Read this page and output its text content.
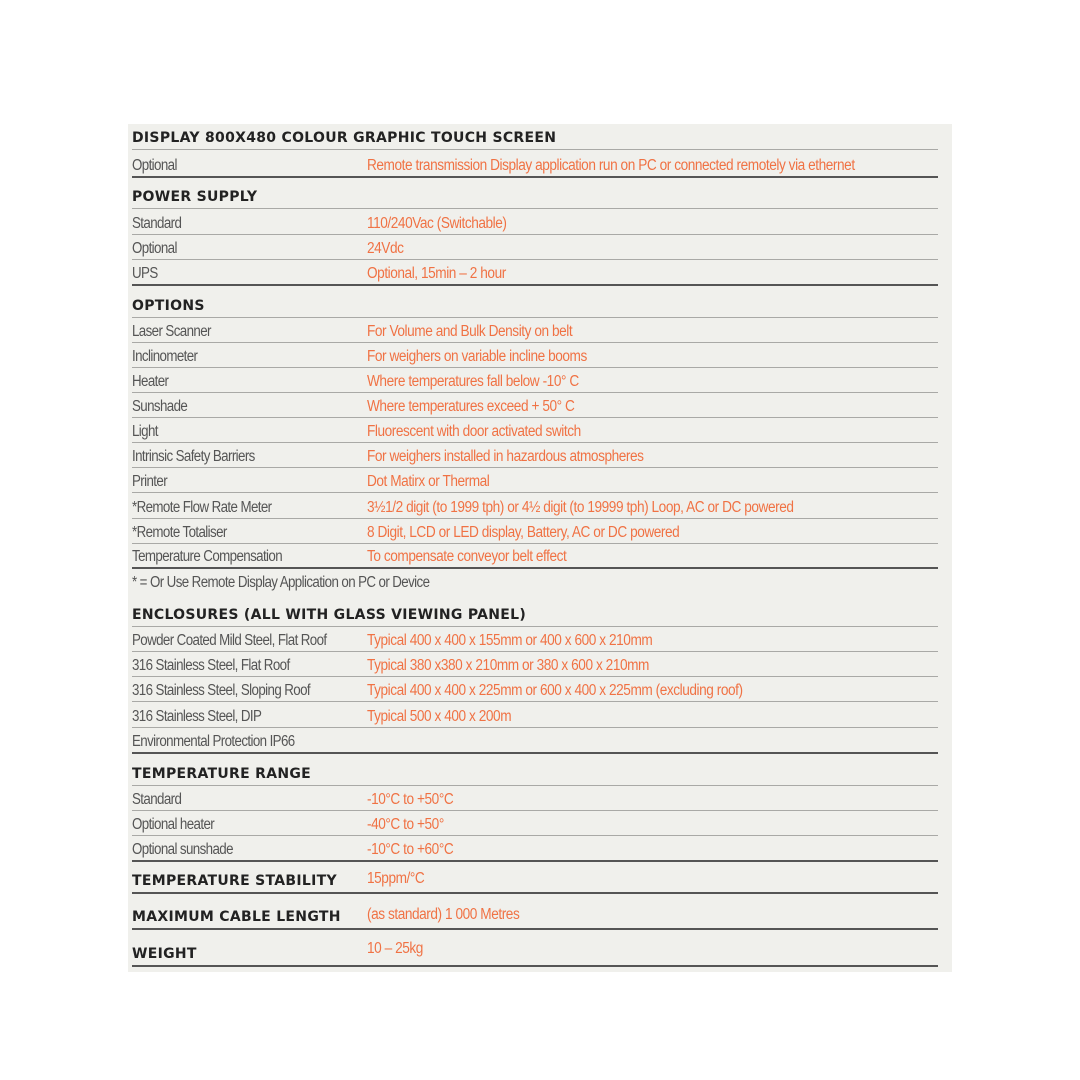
DISPLAY 800X480 COLOUR GRAPHIC TOUCH SCREEN
Optional	Remote transmission Display application run on PC or connected remotely via ethernet
POWER SUPPLY
Standard	110/240Vac (Switchable)
Optional	24Vdc
UPS	Optional, 15min – 2 hour
OPTIONS
Laser Scanner	For Volume and Bulk Density on belt
Inclinometer	For weighers on variable incline booms
Heater	Where temperatures fall below -10° C
Sunshade	Where temperatures exceed + 50° C
Light	Fluorescent with door activated switch
Intrinsic Safety Barriers	For weighers installed in hazardous atmospheres
Printer	Dot Matirx or Thermal
*Remote Flow Rate Meter	3½1/2 digit (to 1999 tph) or 4½ digit (to 19999 tph) Loop, AC or DC powered
*Remote Totaliser	8 Digit, LCD or LED display, Battery, AC or DC powered
Temperature Compensation	To compensate conveyor belt effect
* = Or Use Remote Display Application on PC or Device
ENCLOSURES (ALL WITH GLASS VIEWING PANEL)
Powder Coated Mild Steel, Flat Roof	Typical 400 x 400 x 155mm or 400 x 600 x 210mm
316 Stainless Steel, Flat Roof	Typical 380 x380 x 210mm or 380 x 600 x 210mm
316 Stainless Steel, Sloping Roof	Typical 400 x 400 x 225mm or 600 x 400 x 225mm (excluding roof)
316 Stainless Steel, DIP	Typical 500 x 400 x 200m
Environmental Protection IP66
TEMPERATURE RANGE
Standard	-10°C to +50°C
Optional heater	-40°C to +50°
Optional sunshade	-10°C to +60°C
TEMPERATURE STABILITY 15ppm/°C
MAXIMUM CABLE LENGTH (as standard) 1 000 Metres
WEIGHT	10 – 25kg
